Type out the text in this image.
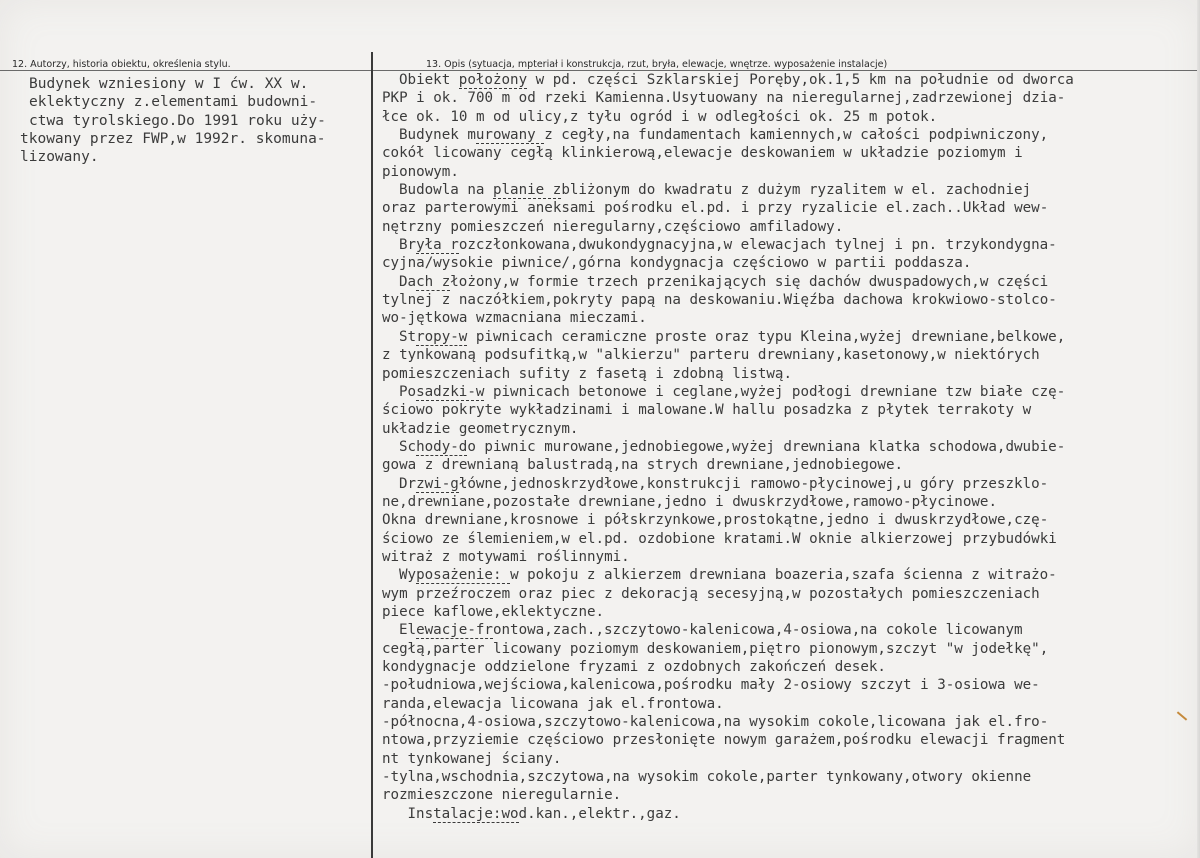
12. Autorzy, historia obiektu, określenia stylu.	13. Opis (sytuacja, mpteriał i konstrukcja, rzut, bryła, elewacje, wnętrze. wyposażenie instalacje)
Budynek wzniesiony w I ćw. XX w.
eklektyczny z.elementami budowni-
ctwa tyrolskiego.Do 1991 roku uży-
tkowany przez FWP,w 1992r. skomuna-
lizowany.
Obiekt położony w pd. części Szklarskiej Poręby,ok.1,5 km na południe od dworca
PKP i ok. 700 m od rzeki Kamienna.Usytuowany na nieregularnej,zadrzewionej dzia-
łce ok. 10 m od ulicy,z tyłu ogród i w odległości ok. 25 m potok.
Budynek murowany z cegły,na fundamentach kamiennych,w całości podpiwniczony,
cokół licowany cegłą klinkierową,elewacje deskowaniem w układzie poziomym i
pionowym.
Budowla na planie zbliżonym do kwadratu z dużym ryzalitem w el. zachodniej
oraz parterowymi aneksami pośrodku el.pd. i przy ryzalicie el.zach..Układ wew-
nętrzny pomieszczeń nieregularny,częściowo amfiladowy.
Bryła rozczłonkowana,dwukondygnacyjna,w elewacjach tylnej i pn. trzykondygna-
cyjna/wysokie piwnice/,górna kondygnacja częściowo w partii poddasza.
Dach złożony,w formie trzech przenikających się dachów dwuspadowych,w części
tylnej z naczółkiem,pokryty papą na deskowaniu.Więźba dachowa krokwiowo-stolco-
wo-jętkowa wzmacniana mieczami.
Stropy-w piwnicach ceramiczne proste oraz typu Kleina,wyżej drewniane,belkowe,
z tynkowaną podsufitką,w "alkierzu" parteru drewniany,kasetonowy,w niektórych
pomieszczeniach sufity z fasetą i zdobną listwą.
Posadzki-w piwnicach betonowe i ceglane,wyżej podłogi drewniane tzw białe czę-
ściowo pokryte wykładzinami i malowane.W hallu posadzka z płytek terrakoty w
układzie geometrycznym.
Schody-do piwnic murowane,jednobiegowe,wyżej drewniana klatka schodowa,dwubie-
gowa z drewnianą balustradą,na strych drewniane,jednobiegowe.
Drzwi-główne,jednoskrzydłowe,konstrukcji ramowo-płycinowej,u góry przeszklo-
ne,drewniane,pozostałe drewniane,jedno i dwuskrzydłowe,ramowo-płycinowe.
Okna drewniane,krosnowe i półskrzynkowe,prostokątne,jedno i dwuskrzydłowe,czę-
ściowo ze ślemieniem,w el.pd. ozdobione kratami.W oknie alkierzowej przybudówki
witraż z motywami roślinnymi.
Wyposażenie: w pokoju z alkierzem drewniana boazeria,szafa ścienna z witrażo-
wym przeźroczem oraz piec z dekoracją secesyjną,w pozostałych pomieszczeniach
piece kaflowe,eklektyczne.
Elewacje-frontowa,zach.,szczytowo-kalenicowa,4-osiowa,na cokole licowanym
cegłą,parter licowany poziomym deskowaniem,piętro pionowym,szczyt "w jodełkę",
kondygnacje oddzielone fryzami z ozdobnych zakończeń desek.
-południowa,wejściowa,kalenicowa,pośrodku mały 2-osiowy szczyt i 3-osiowa we-
randa,elewacja licowana jak el.frontowa.
-północna,4-osiowa,szczytowo-kalenicowa,na wysokim cokole,licowana jak el.fro-
ntowa,przyziemie częściowo przesłonięte nowym garażem,pośrodku elewacji fragment
nt tynkowanej ściany.
-tylna,wschodnia,szczytowa,na wysokim cokole,parter tynkowany,otwory okienne
rozmieszczone nieregularnie.
Instalacje:wod.kan.,elektr.,gaz.
